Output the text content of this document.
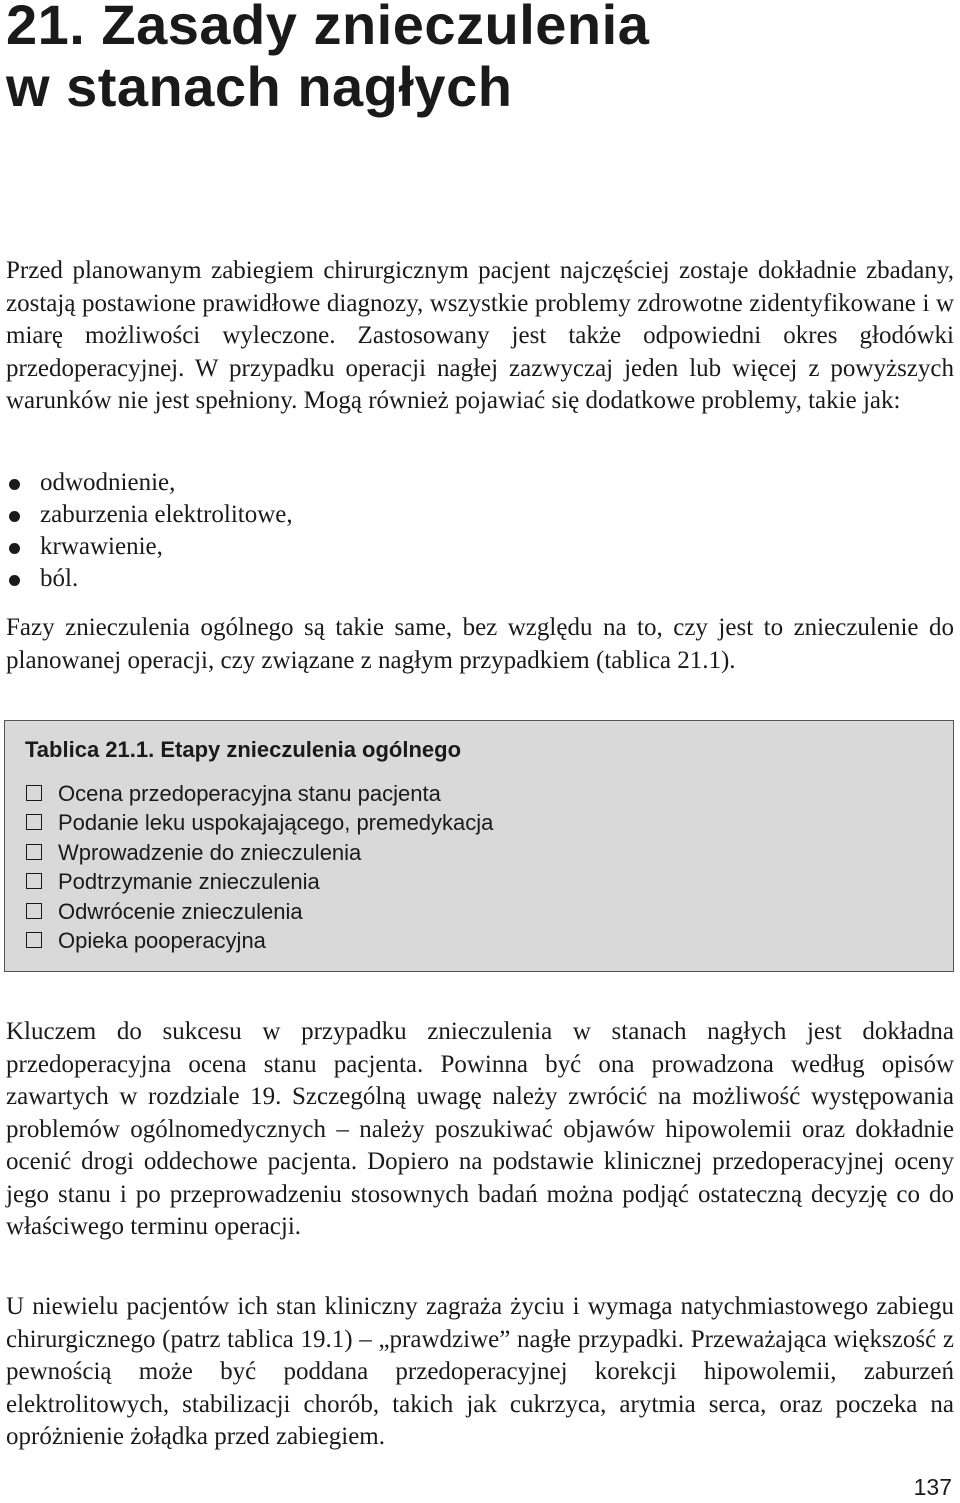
21. Zasady znieczulenia
w stanach nagłych

Przed planowanym zabiegiem chirurgicznym pacjent najczęściej zostaje dokładnie zbadany, zostają postawione prawidłowe diagnozy, wszystkie problemy zdrowotne zidentyfikowane i w miarę możliwości wyleczone. Zastosowany jest także odpowiedni okres głodówki przedoperacyjnej. W przypadku operacji nagłej zazwyczaj jeden lub więcej z powyższych warunków nie jest spełniony. Mogą również pojawiać się dodatkowe problemy, takie jak:

odwodnienie,
zaburzenia elektrolitowe,
krwawienie,
ból.

Fazy znieczulenia ogólnego są takie same, bez względu na to, czy jest to znieczulenie do planowanej operacji, czy związane z nagłym przypadkiem (tablica 21.1).

Tablica 21.1. Etapy znieczulenia ogólnego
Ocena przedoperacyjna stanu pacjenta
Podanie leku uspokajającego, premedykacja
Wprowadzenie do znieczulenia
Podtrzymanie znieczulenia
Odwrócenie znieczulenia
Opieka pooperacyjna

Kluczem do sukcesu w przypadku znieczulenia w stanach nagłych jest dokładna przedoperacyjna ocena stanu pacjenta. Powinna być ona prowadzona według opisów zawartych w rozdziale 19. Szczególną uwagę należy zwrócić na możliwość występowania problemów ogólnomedycznych – należy poszukiwać objawów hipowolemii oraz dokładnie ocenić drogi oddechowe pacjenta. Dopiero na podstawie klinicznej przedoperacyjnej oceny jego stanu i po przeprowadzeniu stosownych badań można podjąć ostateczną decyzję co do właściwego terminu operacji.

U niewielu pacjentów ich stan kliniczny zagraża życiu i wymaga natychmiastowego zabiegu chirurgicznego (patrz tablica 19.1) – „prawdziwe” nagłe przypadki. Przeważająca większość z pewnością może być poddana przedoperacyjnej korekcji hipowolemii, zaburzeń elektrolitowych, stabilizacji chorób, takich jak cukrzyca, arytmia serca, oraz poczeka na opróżnienie żołądka przed zabiegiem.

137
